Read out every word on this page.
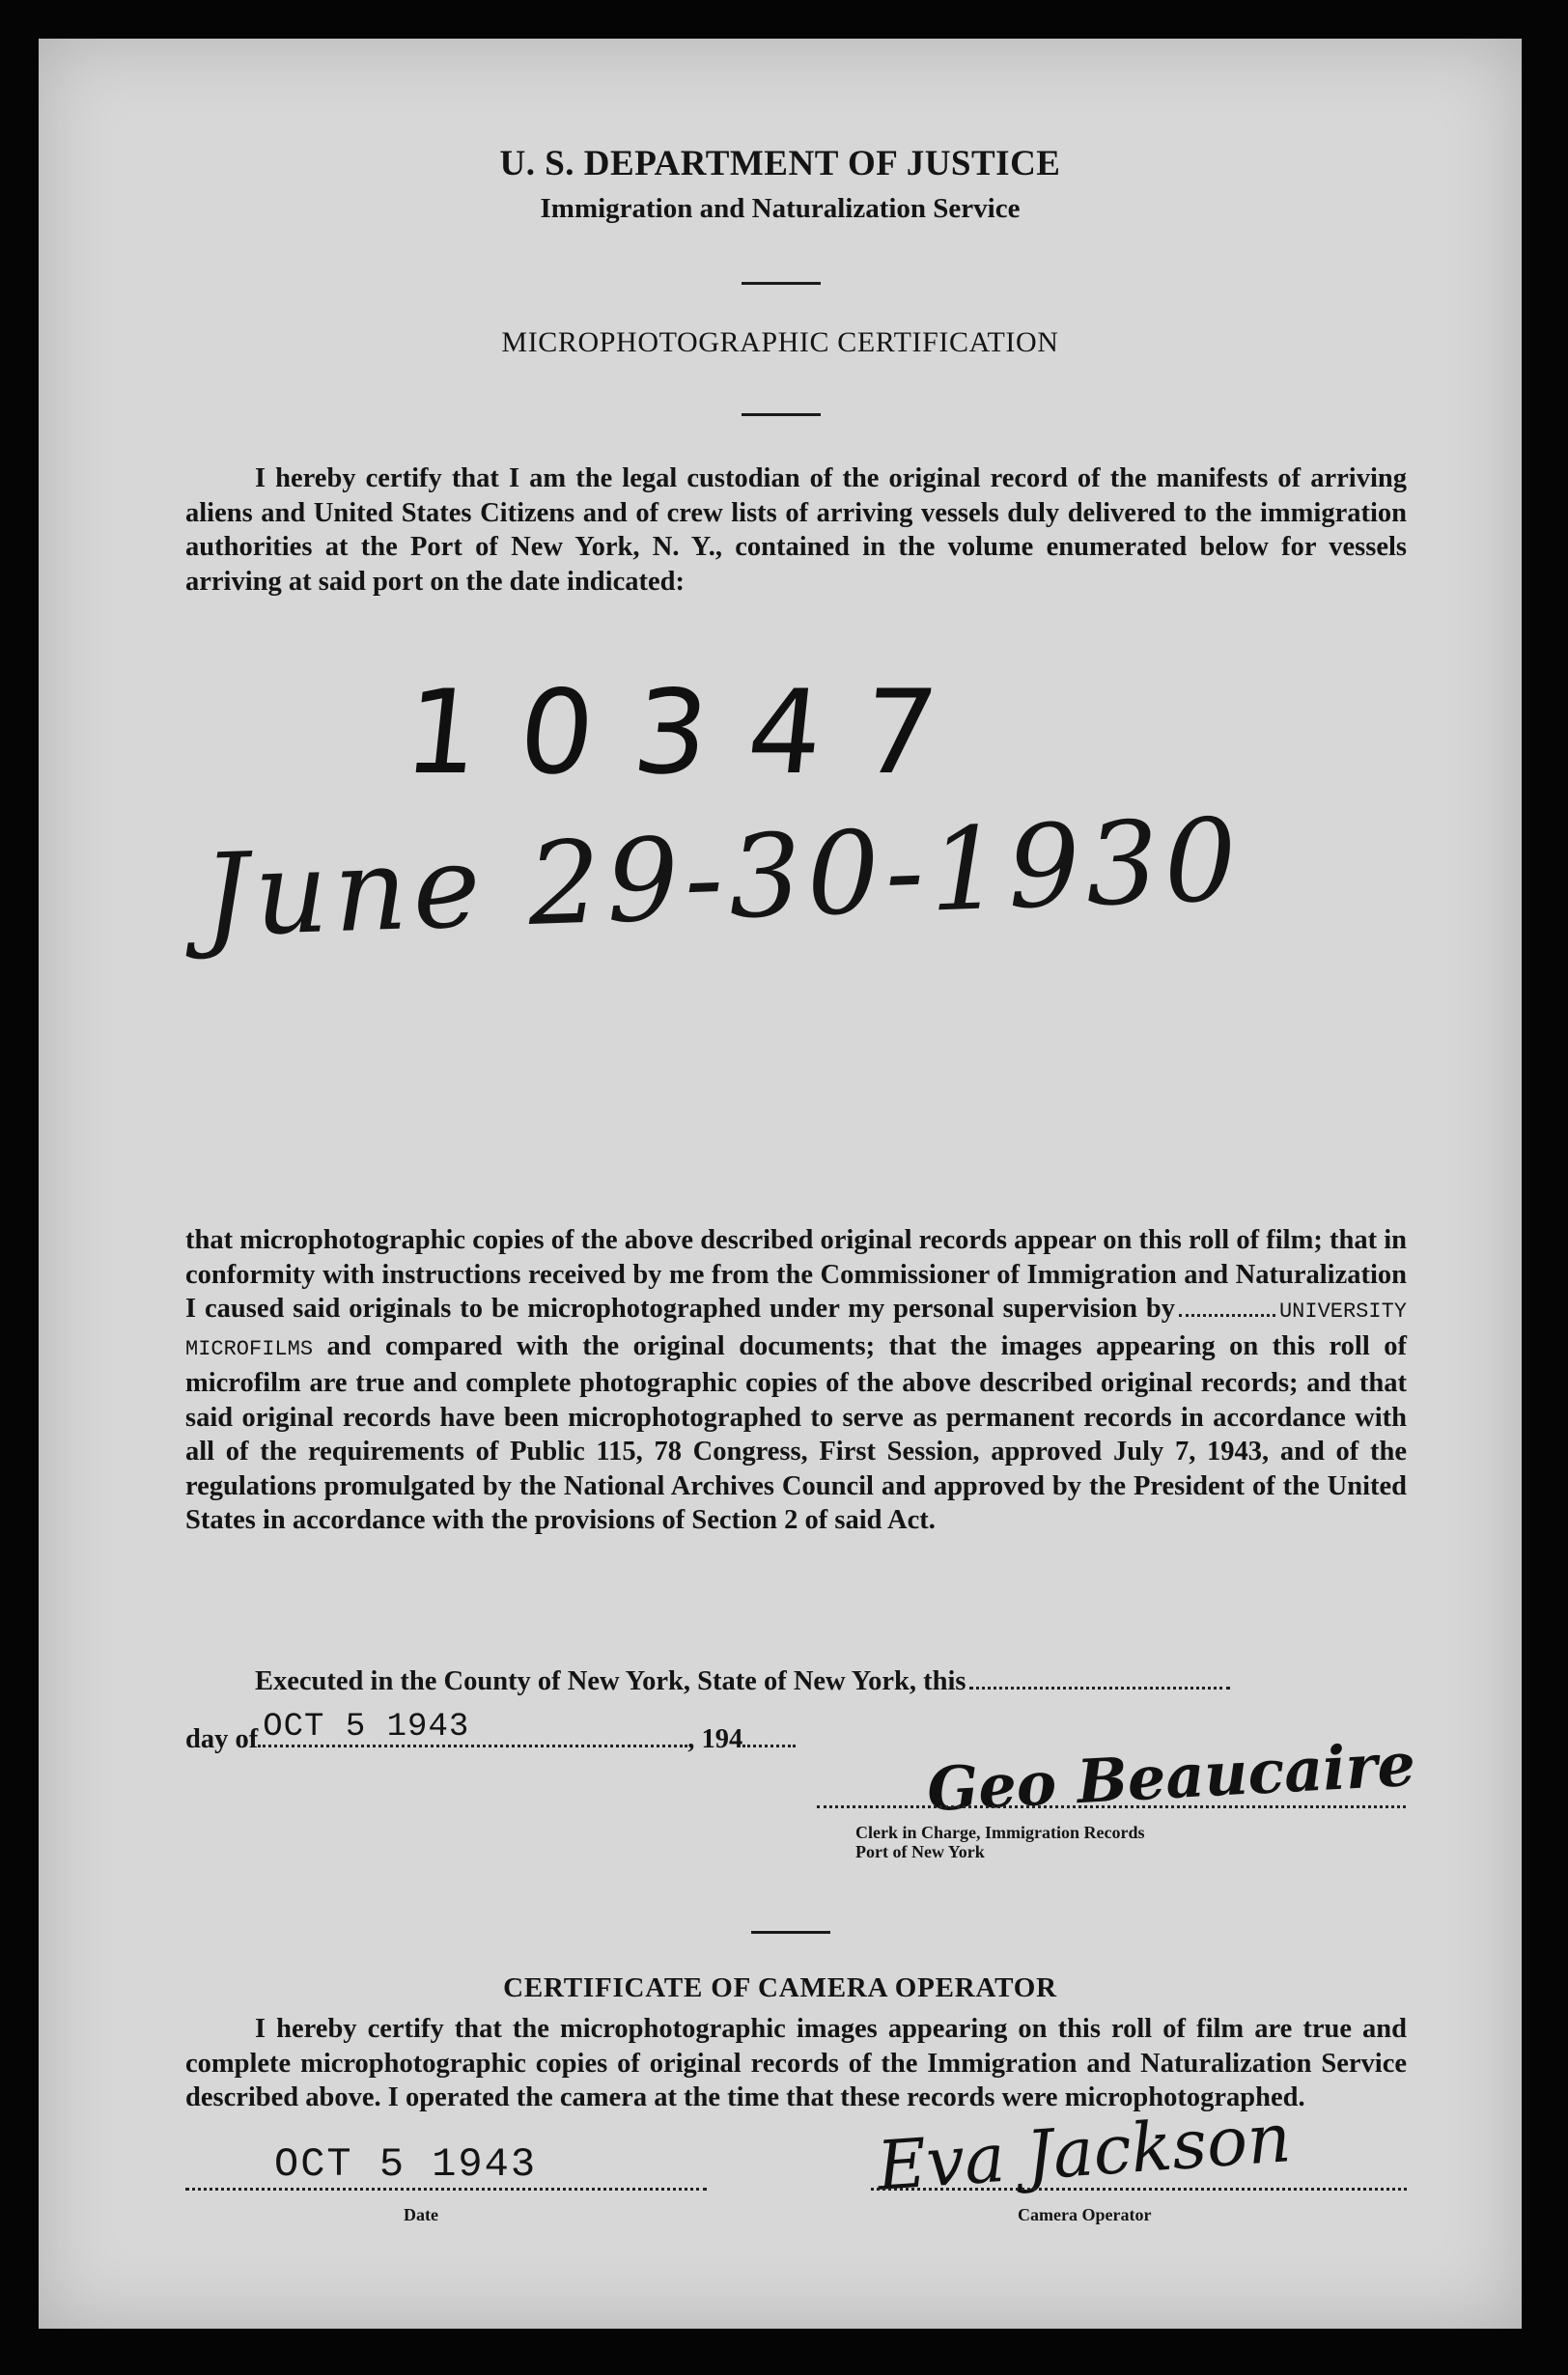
U. S. DEPARTMENT OF JUSTICE
Immigration and Naturalization Service
MICROPHOTOGRAPHIC CERTIFICATION
I hereby certify that I am the legal custodian of the original record of the manifests of arriving aliens and United States Citizens and of crew lists of arriving vessels duly delivered to the immigration authorities at the Port of New York, N. Y., contained in the volume enumerated below for vessels arriving at said port on the date indicated:
10347
June 29-30-1930
that microphotographic copies of the above described original records appear on this roll of film; that in conformity with instructions received by me from the Commissioner of Immigration and Naturalization I caused said originals to be microphotographed under my personal supervision by	UNIVERSITY MICROFILMS and compared with the original documents; that the images appearing on this roll of microfilm are true and complete photographic copies of the above described original records; and that said original records have been microphotographed to serve as permanent records in accordance with all of the requirements of Public 115, 78 Congress, First Session, approved July 7, 1943, and of the regulations promulgated by the National Archives Council and approved by the President of the United States in accordance with the provisions of Section 2 of said Act.
Executed in the County of New York, State of New York, this
day of OCT 5 1943	, 194	Geo Beaucaire
Clerk in Charge, Immigration Records
Port of New York
CERTIFICATE OF CAMERA OPERATOR
I hereby certify that the microphotographic images appearing on this roll of film are true and complete microphotographic copies of original records of the Immigration and Naturalization Service described above. I operated the camera at the time that these records were microphotographed.
OCT 5 1943
Date
Eva Jackson
Camera Operator
